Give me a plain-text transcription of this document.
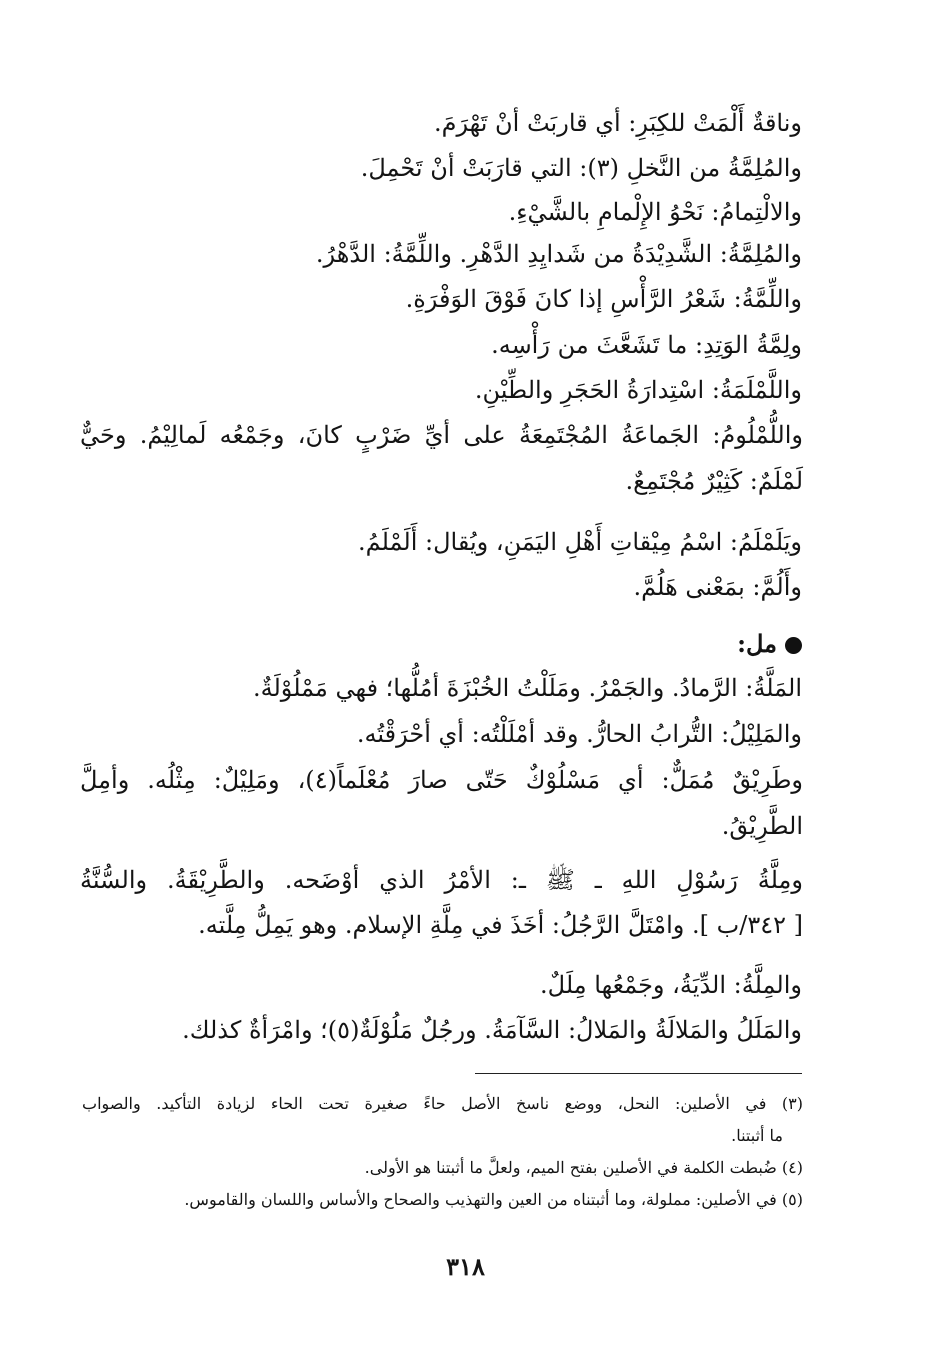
وناقةٌ أَلْمَتْ للكِبَرِ: أي قاربَتْ أنْ تَهْرَمَ.
والمُلِمَّةُ من النَّخلِ (٣): التي قارَبَتْ أنْ تَحْمِلَ.
والالْتِمامُ: نَحْوُ الإِلْمامِ بالشَّيْءِ.
والمُلِمَّةُ: الشَّدِيْدَةُ من شَدايِدِ الدَّهْرِ. واللِّمَّةُ: الدَّهْرُ.
واللِّمَّةُ: شَعْرُ الرَّأْسِ إذا كانَ فَوْقَ الوَفْرَةِ.
ولِمَّةُ الوَتِدِ: ما تَشَعَّثَ من رَأْسِه.
واللَّمْلَمَةُ: اسْتِدارَةُ الحَجَرِ والطِّيْنِ.
واللُّمْلُومُ: الجَماعَةُ المُجْتَمِعَةُ على أيِّ ضَرْبٍ كانَ، وجَمْعُه لَمالِيْمُ. وحَيٌّ
لَمْلَمٌ: كَثِيْرٌ مُجْتَمِعٌ.
ويَلَمْلَمُ: اسْمُ مِيْقاتِ أَهْلِ اليَمَنِ، ويُقال: أَلَمْلَمُ.
وأَلُمَّ: بمَعْنى هَلُمَّ.
مل:
المَلَّةُ: الرَّمادُ. والجَمْرُ. ومَلَلْتُ الخُبْزَةَ أمُلُّها؛ فهي مَمْلُوْلَةٌ.
والمَلِيْلُ: التُّرابُ الحارُّ. وقد أمْلَلْتُه: أي أحْرَقْتُه.
وطَرِيْقٌ مُمَلٌّ: أي مَسْلُوْكٌ حَتّى صارَ مُعْلَماً(٤)، ومَلِيْلٌ: مِثْلُه. وأمِلَّ
الطَّرِيْقُ.
ومِلَّةُ رَسُوْلِ اللهِ ـ ﷺ ـ: الأمْرُ الذي أوْضَحه. والطَّرِيْقَةُ. والسُّنَّةُ
[ ٣٤٢/ب ]. وامْتَلَّ الرَّجُلُ: أخَذَ في مِلَّةِ الإسلام. وهو يَمِلُّ مِلَّته.
والمِلَّةُ: الدِّيَةُ، وجَمْعُها مِلَلٌ.
والمَلَلُ والمَلالَةُ والمَلالُ: السَّآمَةُ. ورجُلٌ مَلُوْلَةٌ(٥)؛ وامْرَأةٌ كذلك.
(٣) في الأصلين: النحل، ووضع ناسخ الأصل حاءً صغيرة تحت الحاء لزيادة التأكيد. والصواب
ما أثبتنا.
(٤) ضُبطت الكلمة في الأصلين بفتح الميم، ولعلَّ ما أثبتنا هو الأولى.
(٥) في الأصلين: مملولة، وما أثبتناه من العين والتهذيب والصحاح والأساس واللسان والقاموس.
٣١٨
